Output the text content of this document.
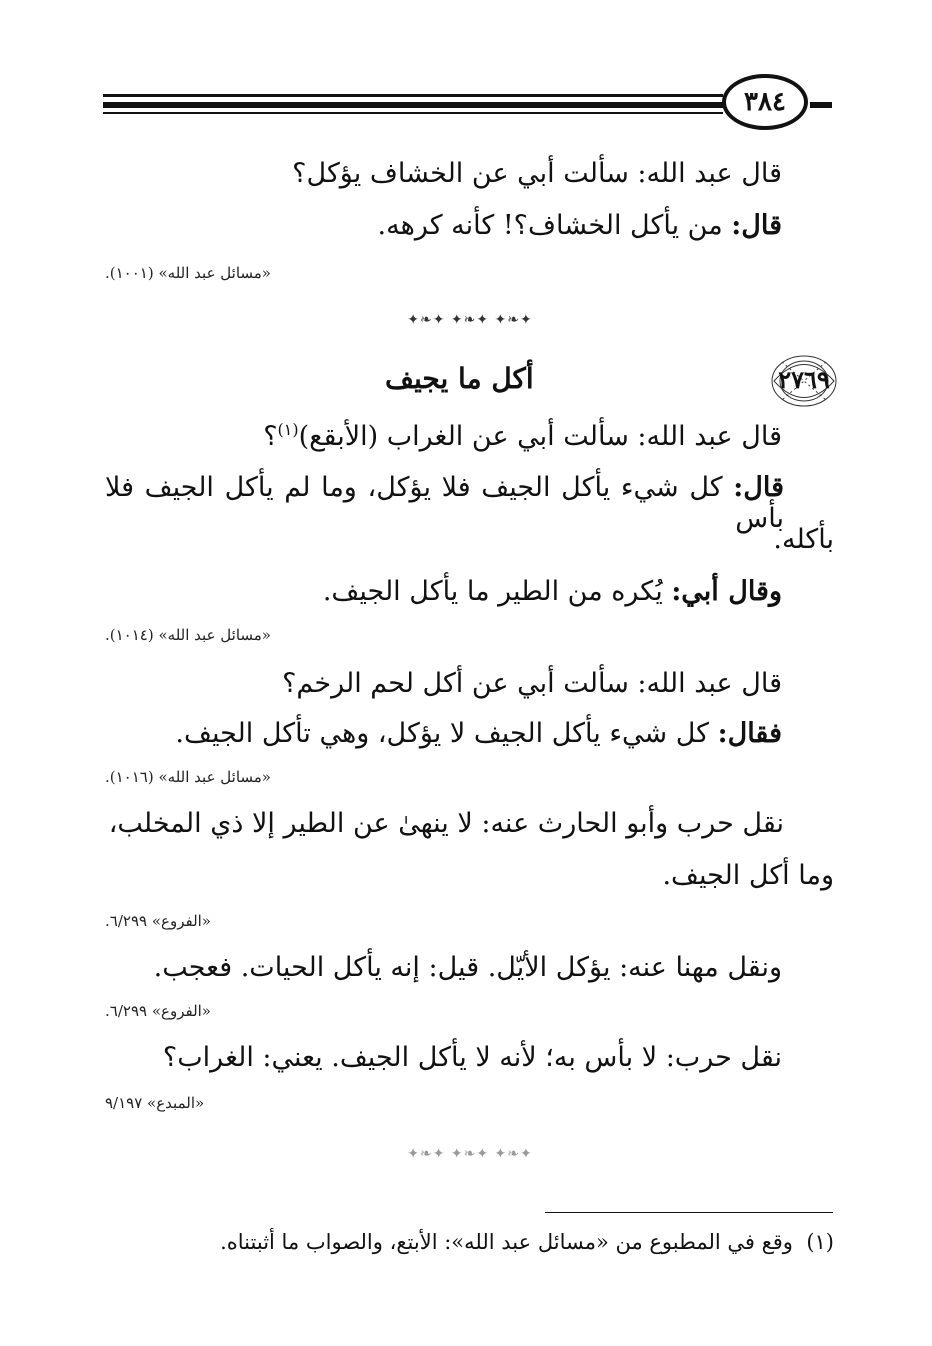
٣٨٤
قال عبد الله: سألت أبي عن الخشاف يؤكل؟
قال: من يأكل الخشاف؟! كأنه كرهه.
«مسائل عبد الله» (١٠٠١).
✦❧✦ ✦❧✦ ✦❧✦
٢٧٦٩
أكل ما يجيف
قال عبد الله: سألت أبي عن الغراب (الأبقع)$^{(١)}$؟
قال: كل شيء يأكل الجيف فلا يؤكل، وما لم يأكل الجيف فلا بأس
بأكله.
وقال أبي: يُكره من الطير ما يأكل الجيف.
«مسائل عبد الله» (١٠١٤).
قال عبد الله: سألت أبي عن أكل لحم الرخم؟
فقال: كل شيء يأكل الجيف لا يؤكل، وهي تأكل الجيف.
«مسائل عبد الله» (١٠١٦).
نقل حرب وأبو الحارث عنه: لا ينهىٰ عن الطير إلا ذي المخلب،
وما أكل الجيف.
«الفروع» ٦/٢٩٩.
ونقل مهنا عنه: يؤكل الأيّل. قيل: إنه يأكل الحيات. فعجب.
«الفروع» ٦/٢٩٩.
نقل حرب: لا بأس به؛ لأنه لا يأكل الجيف. يعني: الغراب؟
«المبدع» ٩/١٩٧
✦❧✦ ✦❧✦ ✦❧✦
(١)  وقع في المطبوع من «مسائل عبد الله»: الأبتع، والصواب ما أثبتناه.
